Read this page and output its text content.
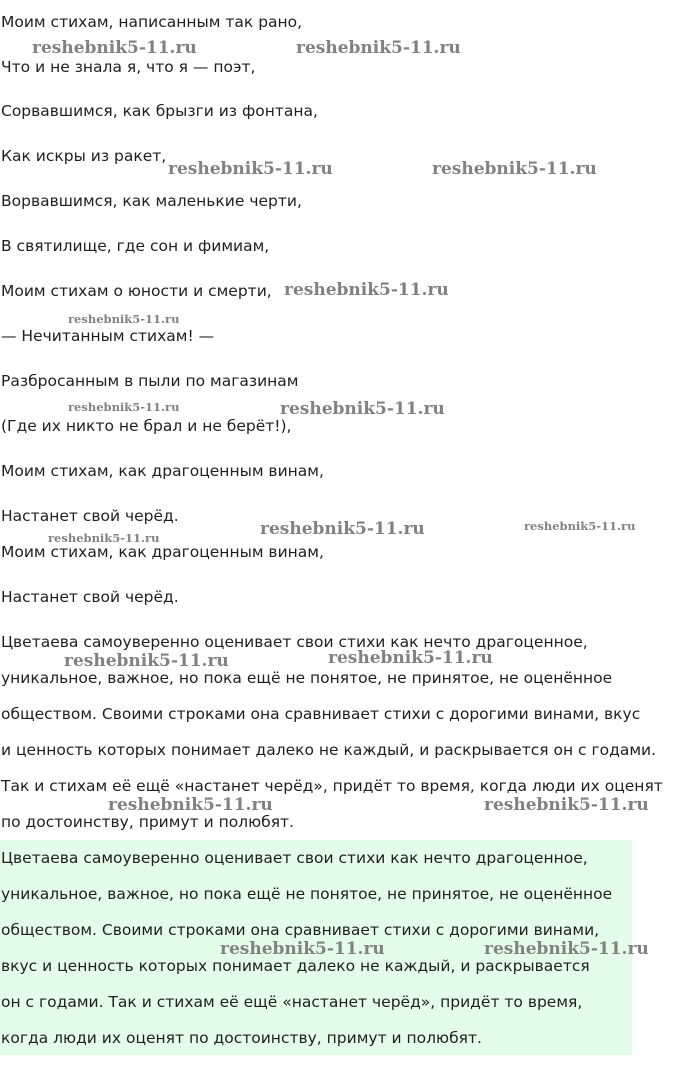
Моим стихам, написанным так рано,

Что и не знала я, что я — поэт,

Сорвавшимся, как брызги из фонтана,

Как искры из ракет,

Ворвавшимся, как маленькие черти,

В святилище, где сон и фимиам,

Моим стихам о юности и смерти,

— Нечитанным стихам! —

Разбросанным в пыли по магазинам

(Где их никто не брал и не берёт!),

Моим стихам, как драгоценным винам,

Настанет свой черёд.

Моим стихам, как драгоценным винам,

Настанет свой черёд.

Цветаева самоуверенно оценивает свои стихи как нечто драгоценное,

уникальное, важное, но пока ещё не понятое, не принятое, не оценённое

обществом. Своими строками она сравнивает стихи с дорогими винами, вкус

и ценность которых понимает далеко не каждый, и раскрывается он с годами.

Так и стихам её ещё «настанет черёд», придёт то время, когда люди их оценят

по достоинству, примут и полюбят.

Цветаева самоуверенно оценивает свои стихи как нечто драгоценное,

уникальное, важное, но пока ещё не понятое, не принятое, не оценённое

обществом. Своими строками она сравнивает стихи с дорогими винами,

вкус и ценность которых понимает далеко не каждый, и раскрывается

он с годами. Так и стихам её ещё «настанет черёд», придёт то время,

когда люди их оценят по достоинству, примут и полюбят.

reshebnik5-11.ru	reshebnik5-11.ru
reshebnik5-11.ru	reshebnik5-11.ru
reshebnik5-11.ru
reshebnik5-11.ru
reshebnik5-11.ru	reshebnik5-11.ru
reshebnik5-11.ru	reshebnik5-11.ru
reshebnik5-11.ru
reshebnik5-11.ru	reshebnik5-11.ru
reshebnik5-11.ru	reshebnik5-11.ru
reshebnik5-11.ru	reshebnik5-11.ru
